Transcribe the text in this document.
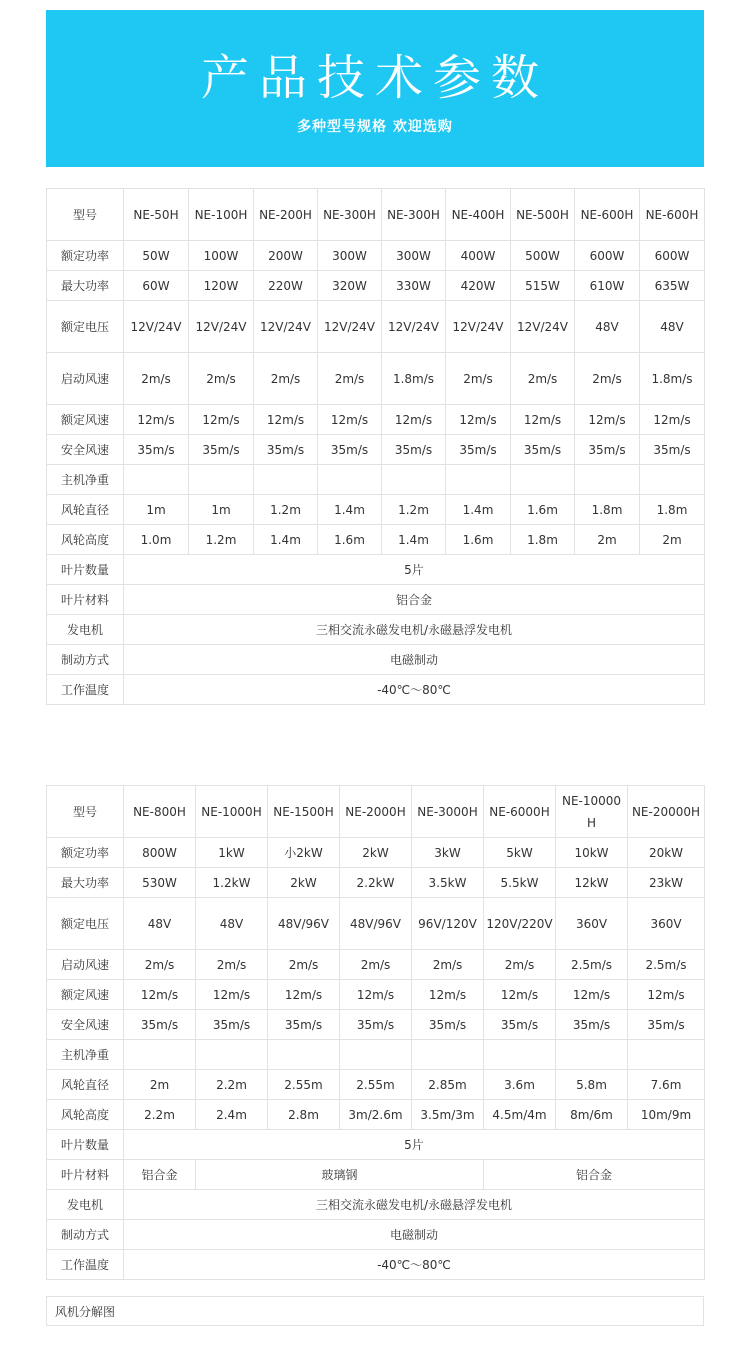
产品技术参数
多种型号规格 欢迎选购
型号	NE-50H	NE-100H	NE-200H	NE-300H	NE-300H	NE-400H	NE-500H	NE-600H	NE-600H
额定功率	50W	100W	200W	300W	300W	400W	500W	600W	600W
最大功率	60W	120W	220W	320W	330W	420W	515W	610W	635W
额定电压	12V/24V	12V/24V	12V/24V	12V/24V	12V/24V	12V/24V	12V/24V	48V	48V
启动风速	2m/s	2m/s	2m/s	2m/s	1.8m/s	2m/s	2m/s	2m/s	1.8m/s
额定风速	12m/s	12m/s	12m/s	12m/s	12m/s	12m/s	12m/s	12m/s	12m/s
安全风速	35m/s	35m/s	35m/s	35m/s	35m/s	35m/s	35m/s	35m/s	35m/s
主机净重									
风轮直径	1m	1m	1.2m	1.4m	1.2m	1.4m	1.6m	1.8m	1.8m
风轮高度	1.0m	1.2m	1.4m	1.6m	1.4m	1.6m	1.8m	2m	2m
叶片数量	5片								
叶片材料	铝合金								
发电机	三相交流永磁发电机/永磁悬浮发电机								
制动方式	电磁制动								
工作温度	-40℃～80℃								
型号	NE-800H	NE-1000H	NE-1500H	NE-2000H	NE-3000H	NE-6000H	NE-10000H	NE-20000H
额定功率	800W	1kW	小2kW	2kW	3kW	5kW	10kW	20kW
最大功率	530W	1.2kW	2kW	2.2kW	3.5kW	5.5kW	12kW	23kW
额定电压	48V	48V	48V/96V	48V/96V	96V/120V	120V/220V	360V	360V
启动风速	2m/s	2m/s	2m/s	2m/s	2m/s	2m/s	2.5m/s	2.5m/s
额定风速	12m/s	12m/s	12m/s	12m/s	12m/s	12m/s	12m/s	12m/s
安全风速	35m/s	35m/s	35m/s	35m/s	35m/s	35m/s	35m/s	35m/s
主机净重								
风轮直径	2m	2.2m	2.55m	2.55m	2.85m	3.6m	5.8m	7.6m
风轮高度	2.2m	2.4m	2.8m	3m/2.6m	3.5m/3m	4.5m/4m	8m/6m	10m/9m
叶片数量	5片							
叶片材料	铝合金	玻璃钢				铝合金		
发电机	三相交流永磁发电机/永磁悬浮发电机							
制动方式	电磁制动							
工作温度	-40℃～80℃							
风机分解图
